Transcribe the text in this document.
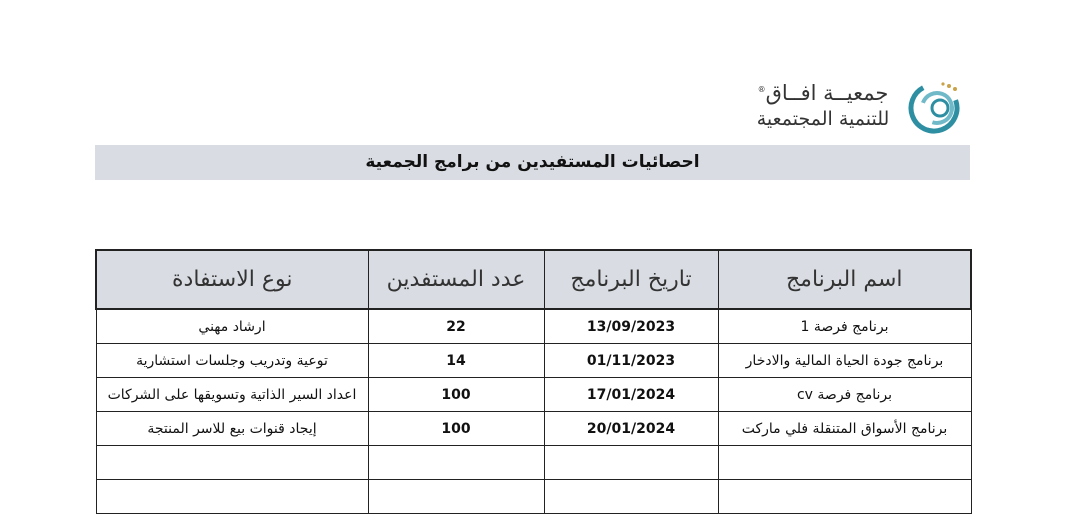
جمعيــة افــاق®
للتنمية المجتمعية
احصائيات المستفيدين من برامج الجمعية
اسم البرنامج	تاريخ البرنامج	عدد المستفدين	نوع الاستفادة
برنامج فرصة 1	13/09/2023	22	ارشاد مهني
برنامج جودة الحياة المالية والادخار	01/11/2023	14	توعية وتدريب وجلسات استشارية
برنامج فرصة cv	17/01/2024	100	اعداد السير الذاتية وتسويقها على الشركات
برنامج الأسواق المتنقلة فلي ماركت	20/01/2024	100	إيجاد قنوات بيع للاسر المنتجة
